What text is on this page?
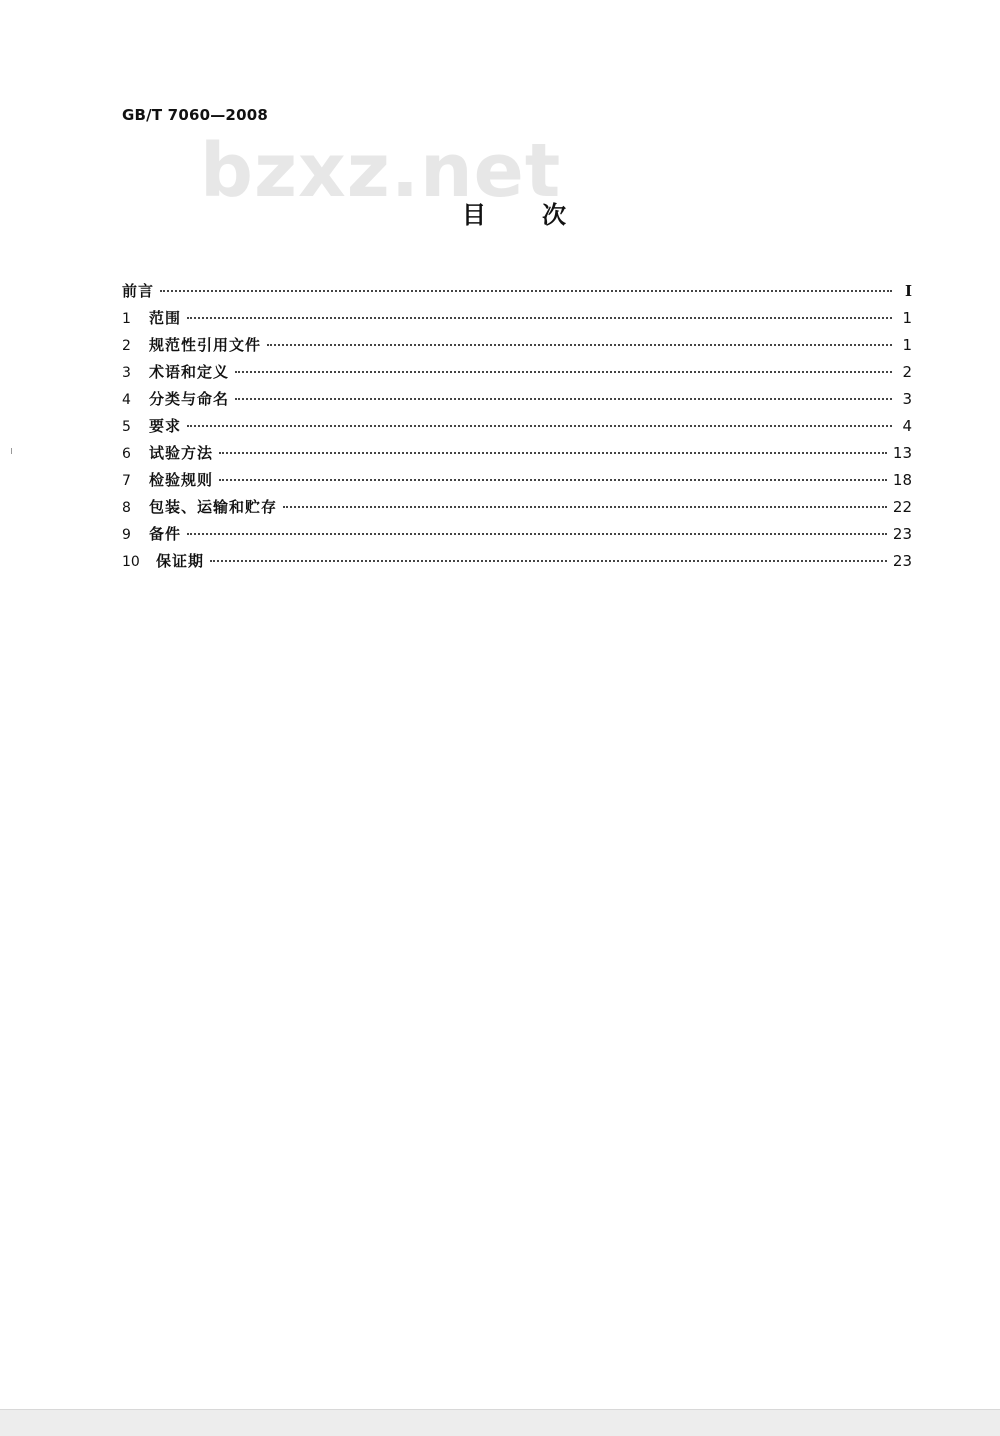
GB/T 7060—2008
bzxz.net
目次
前言	I
1	范围	1
2	规范性引用文件	1
3	术语和定义	2
4	分类与命名	3
5	要求	4
6	试验方法	13
7	检验规则	18
8	包装、运输和贮存	22
9	备件	23
10	保证期	23
